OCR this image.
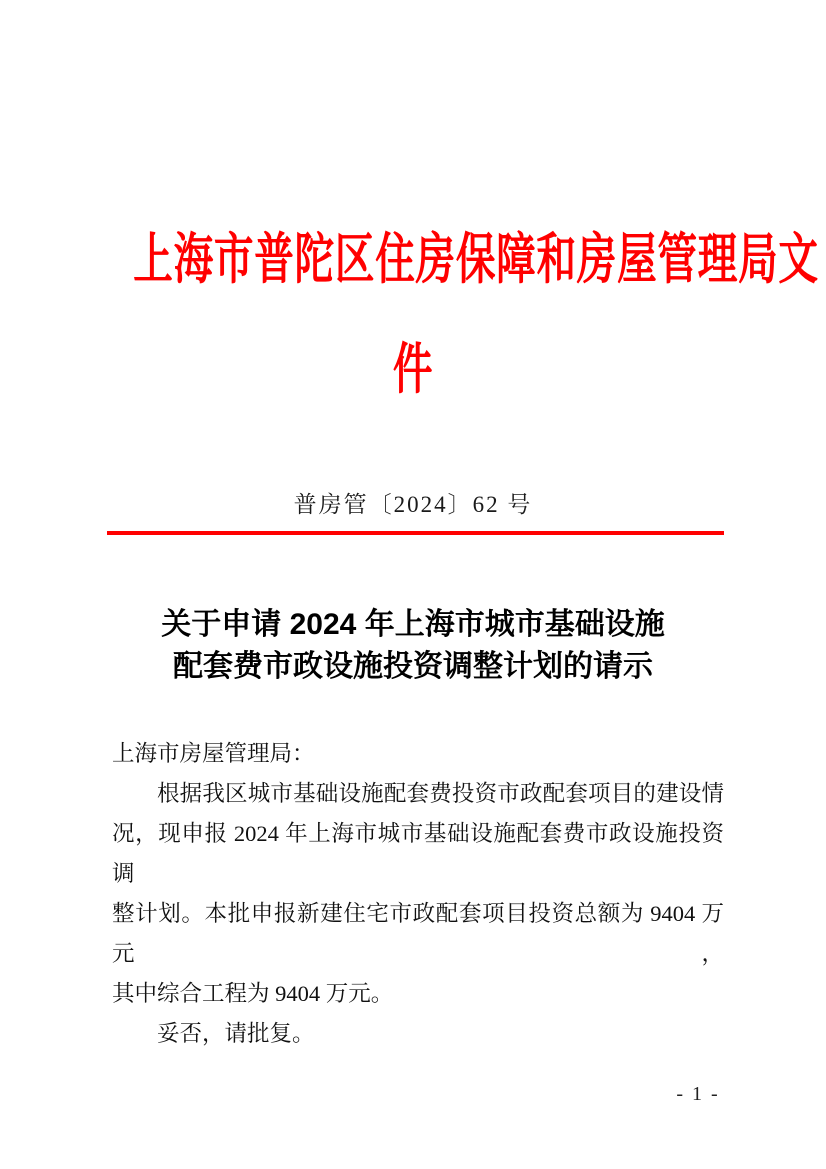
上海市普陀区住房保障和房屋管理局文
件
普房管〔2024〕62 号
关于申请 2024 年上海市城市基础设施
配套费市政设施投资调整计划的请示
上海市房屋管理局：
根据我区城市基础设施配套费投资市政配套项目的建设情
况，现申报 2024 年上海市城市基础设施配套费市政设施投资调
整计划。本批申报新建住宅市政配套项目投资总额为 9404 万元，
其中综合工程为 9404 万元。
妥否，请批复。
- 1 -
